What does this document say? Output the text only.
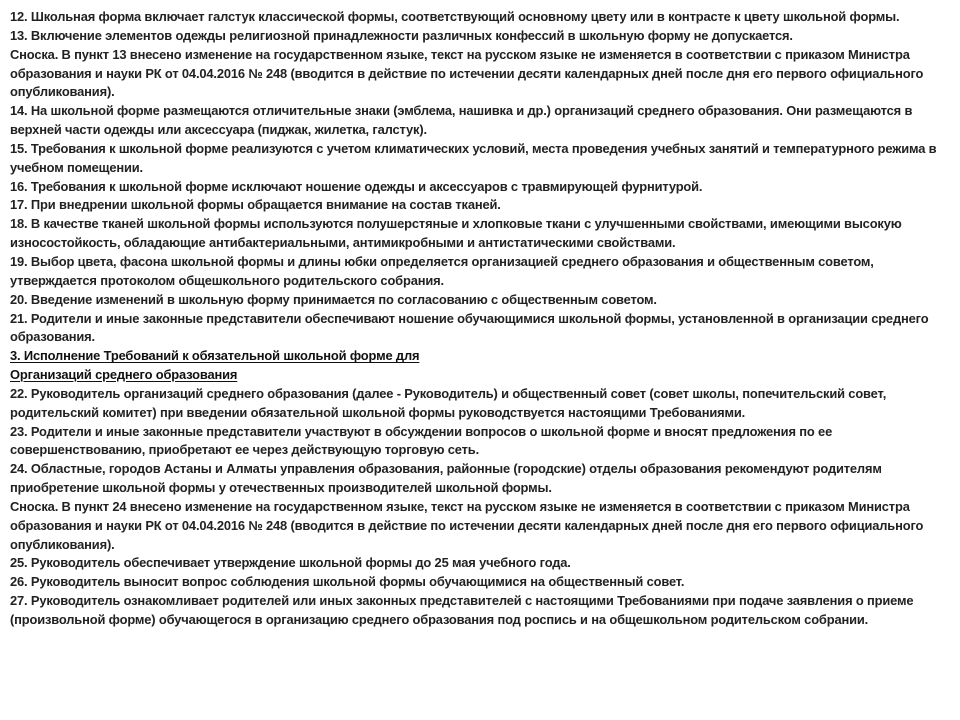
12. Школьная форма включает галстук классической формы, соответствующий основному цвету или в контрасте к цвету школьной формы.

13. Включение элементов одежды религиозной принадлежности различных конфессий в школьную форму не допускается.

Сноска. В пункт 13 внесено изменение на государственном языке, текст на русском языке не изменяется в соответствии с приказом Министра образования и науки РК от 04.04.2016 № 248 (вводится в действие по истечении десяти календарных дней после дня его первого официального опубликования).

14. На школьной форме размещаются отличительные знаки (эмблема, нашивка и др.) организаций среднего образования. Они размещаются в верхней части одежды или аксессуара (пиджак, жилетка, галстук).

15. Требования к школьной форме реализуются с учетом климатических условий, места проведения учебных занятий и температурного режима в учебном помещении.

16. Требования к школьной форме исключают ношение одежды и аксессуаров с травмирующей фурнитурой.

17. При внедрении школьной формы обращается внимание на состав тканей.

18. В качестве тканей школьной формы используются полушерстяные и хлопковые ткани с улучшенными свойствами, имеющими высокую износостойкость, обладающие антибактериальными, антимикробными и антистатическими свойствами.

19. Выбор цвета, фасона школьной формы и длины юбки определяется организацией среднего образования и общественным советом, утверждается протоколом общешкольного родительского собрания.

20. Введение изменений в школьную форму принимается по согласованию с общественным советом.

21. Родители и иные законные представители обеспечивают ношение обучающимися школьной формы, установленной в организации среднего образования.

3. Исполнение Требований к обязательной школьной форме для
Организаций среднего образования

22. Руководитель организаций среднего образования (далее - Руководитель) и общественный совет (совет школы, попечительский совет, родительский комитет) при введении обязательной школьной формы руководствуется настоящими Требованиями.

23. Родители и иные законные представители участвуют в обсуждении вопросов о школьной форме и вносят предложения по ее совершенствованию, приобретают ее через действующую торговую сеть.

24. Областные, городов Астаны и Алматы управления образования, районные (городские) отделы образования рекомендуют родителям приобретение школьной формы у отечественных производителей школьной формы.

Сноска. В пункт 24 внесено изменение на государственном языке, текст на русском языке не изменяется в соответствии с приказом Министра образования и науки РК от 04.04.2016 № 248 (вводится в действие по истечении десяти календарных дней после дня его первого официального опубликования).

25. Руководитель обеспечивает утверждение школьной формы до 25 мая учебного года.

26. Руководитель выносит вопрос соблюдения школьной формы обучающимися на общественный совет.

27. Руководитель ознакомливает родителей или иных законных представителей с настоящими Требованиями при подаче заявления о приеме (произвольной форме) обучающегося в организацию среднего образования под роспись и на общешкольном родительском собрании.
